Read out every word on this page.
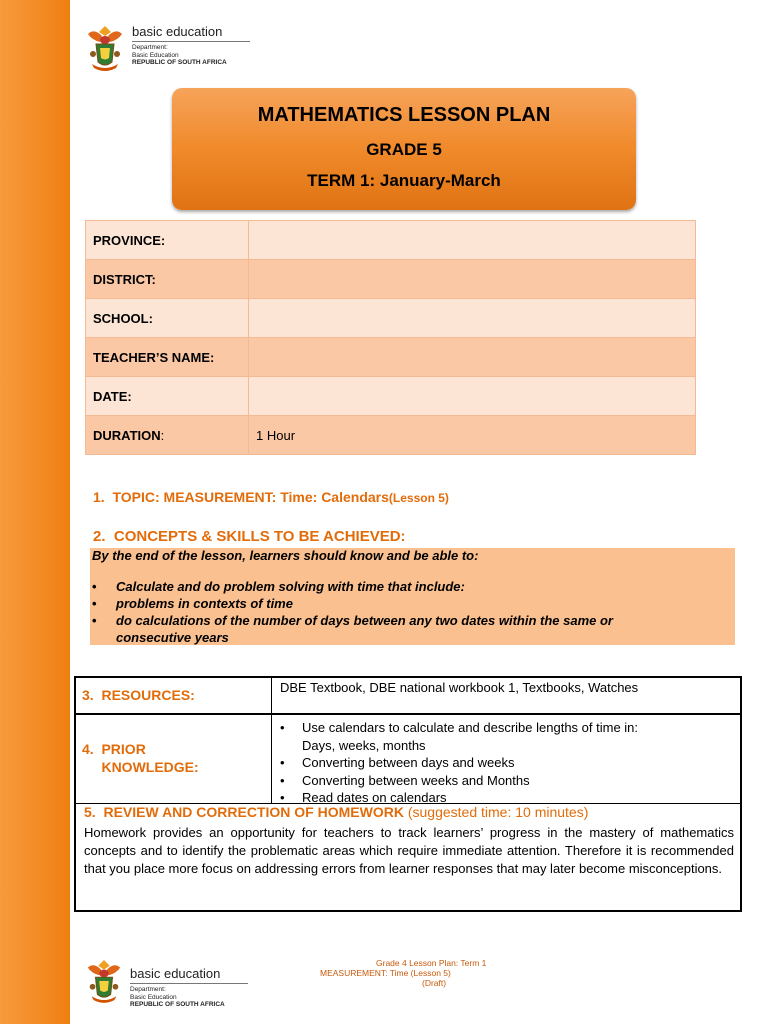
basic education
Department:
Basic Education
REPUBLIC OF SOUTH AFRICA
MATHEMATICS LESSON PLAN
GRADE 5
TERM 1: January-March
PROVINCE:	
DISTRICT:	
SCHOOL:	
TEACHER’S NAME:	
DATE:	
DURATION:	1 Hour
1. TOPIC: MEASUREMENT: Time: Calendars(Lesson 5)
2. CONCEPTS & SKILLS TO BE ACHIEVED:
By the end of the lesson, learners should know and be able to:
• Calculate and do problem solving with time that include:
• problems in contexts of time
• do calculations of the number of days between any two dates within the same or
consecutive years
3. RESOURCES:	DBE Textbook, DBE national workbook 1, Textbooks, Watches
4. PRIOR
KNOWLEDGE:
• Use calendars to calculate and describe lengths of time in:
Days, weeks, months
• Converting between days and weeks
• Converting between weeks and Months
• Read dates on calendars
5. REVIEW AND CORRECTION OF HOMEWORK (suggested time: 10 minutes)
Homework provides an opportunity for teachers to track learners’ progress in the mastery of mathematics concepts and to identify the problematic areas which require immediate attention. Therefore it is recommended that you place more focus on addressing errors from learner responses that may later become misconceptions.
basic education
Department:
Basic Education
REPUBLIC OF SOUTH AFRICA
Grade 4 Lesson Plan: Term 1
MEASUREMENT: Time (Lesson 5)
(Draft)
